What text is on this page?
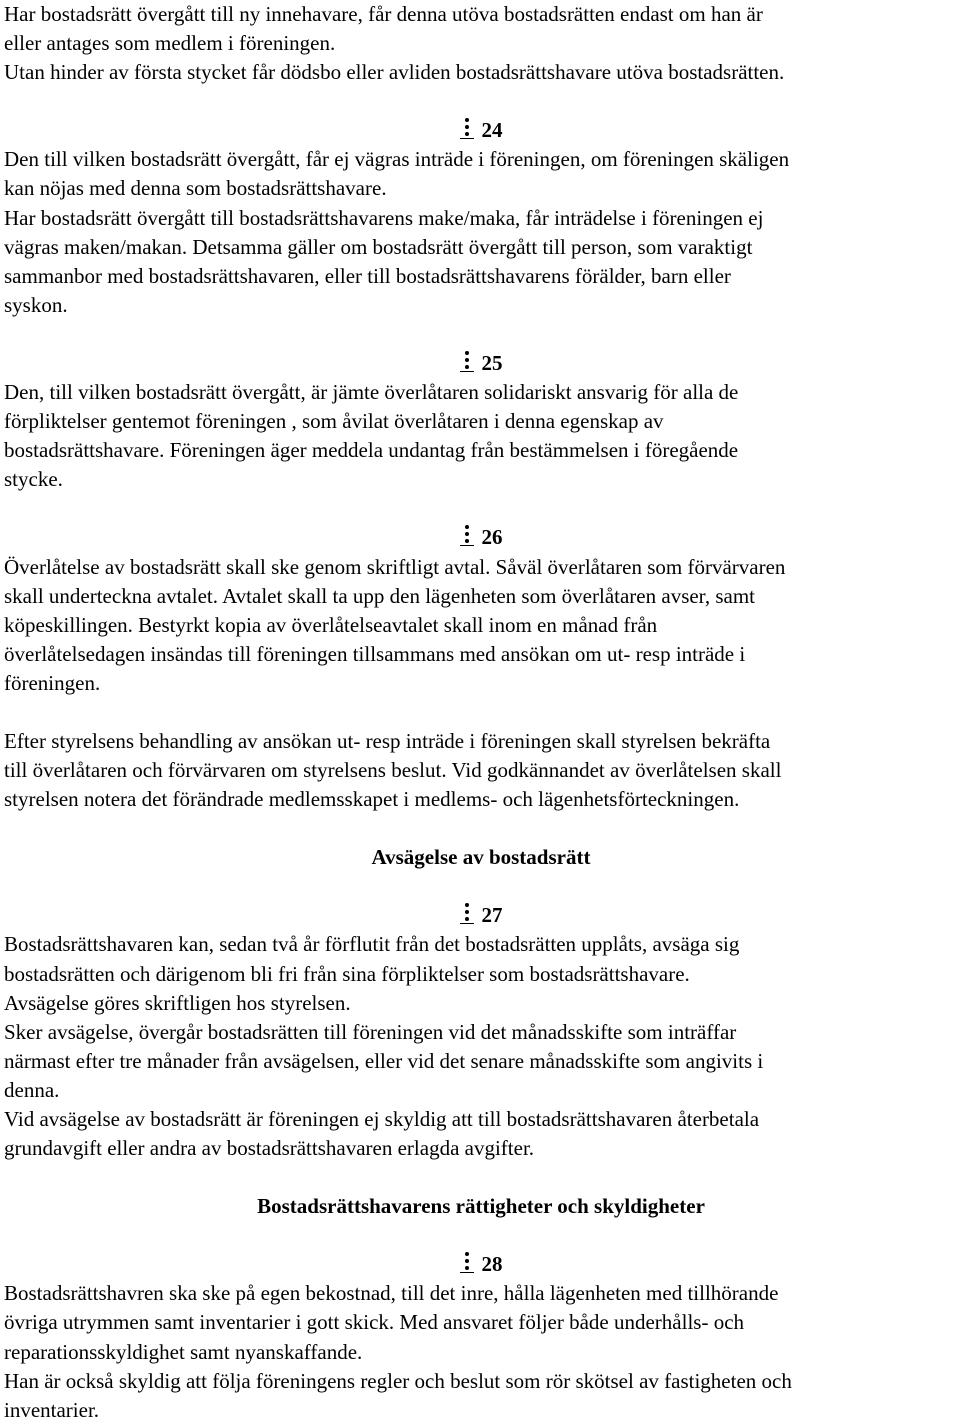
Har bostadsrätt övergått till ny innehavare, får denna utöva bostadsrätten endast om han är
eller antages som medlem i föreningen.
Utan hinder av första stycket får dödsbo eller avliden bostadsrättshavare utöva bostadsrätten.

24

Den till vilken bostadsrätt övergått, får ej vägras inträde i föreningen, om föreningen skäligen
kan nöjas med denna som bostadsrättshavare.
Har bostadsrätt övergått till bostadsrättshavarens make/maka, får inträdelse i föreningen ej
vägras maken/makan. Detsamma gäller om bostadsrätt övergått till person, som varaktigt
sammanbor med bostadsrättshavaren, eller till bostadsrättshavarens förälder, barn eller
syskon.

25

Den, till vilken bostadsrätt övergått, är jämte överlåtaren solidariskt ansvarig för alla de
förpliktelser gentemot föreningen , som åvilat överlåtaren i denna egenskap av
bostadsrättshavare. Föreningen äger meddela undantag från bestämmelsen i föregående
stycke.

26

Överlåtelse av bostadsrätt skall ske genom skriftligt avtal. Såväl överlåtaren som förvärvaren
skall underteckna avtalet. Avtalet skall ta upp den lägenheten som överlåtaren avser, samt
köpeskillingen. Bestyrkt kopia av överlåtelseavtalet skall inom en månad från
överlåtelsedagen insändas till föreningen tillsammans med ansökan om ut- resp inträde i
föreningen.

Efter styrelsens behandling av ansökan ut- resp inträde i föreningen skall styrelsen bekräfta
till överlåtaren och förvärvaren om styrelsens beslut. Vid godkännandet av överlåtelsen skall
styrelsen notera det förändrade medlemsskapet i medlems- och lägenhetsförteckningen.

Avsägelse av bostadsrätt
27

Bostadsrättshavaren kan, sedan två år förflutit från det bostadsrätten upplåts, avsäga sig
bostadsrätten och därigenom bli fri från sina förpliktelser som bostadsrättshavare.
Avsägelse göres skriftligen hos styrelsen.
Sker avsägelse, övergår bostadsrätten till föreningen vid det månadsskifte som inträffar
närmast efter tre månader från avsägelsen, eller vid det senare månadsskifte som angivits i
denna.
Vid avsägelse av bostadsrätt är föreningen ej skyldig att till bostadsrättshavaren återbetala
grundavgift eller andra av bostadsrättshavaren erlagda avgifter.

Bostadsrättshavarens rättigheter och skyldigheter
28

Bostadsrättshavren ska ske på egen bekostnad, till det inre, hålla lägenheten med tillhörande
övriga utrymmen samt inventarier i gott skick. Med ansvaret följer både underhålls- och
reparationsskyldighet samt nyanskaffande.
Han är också skyldig att följa föreningens regler och beslut som rör skötsel av fastigheten och
inventarier.
